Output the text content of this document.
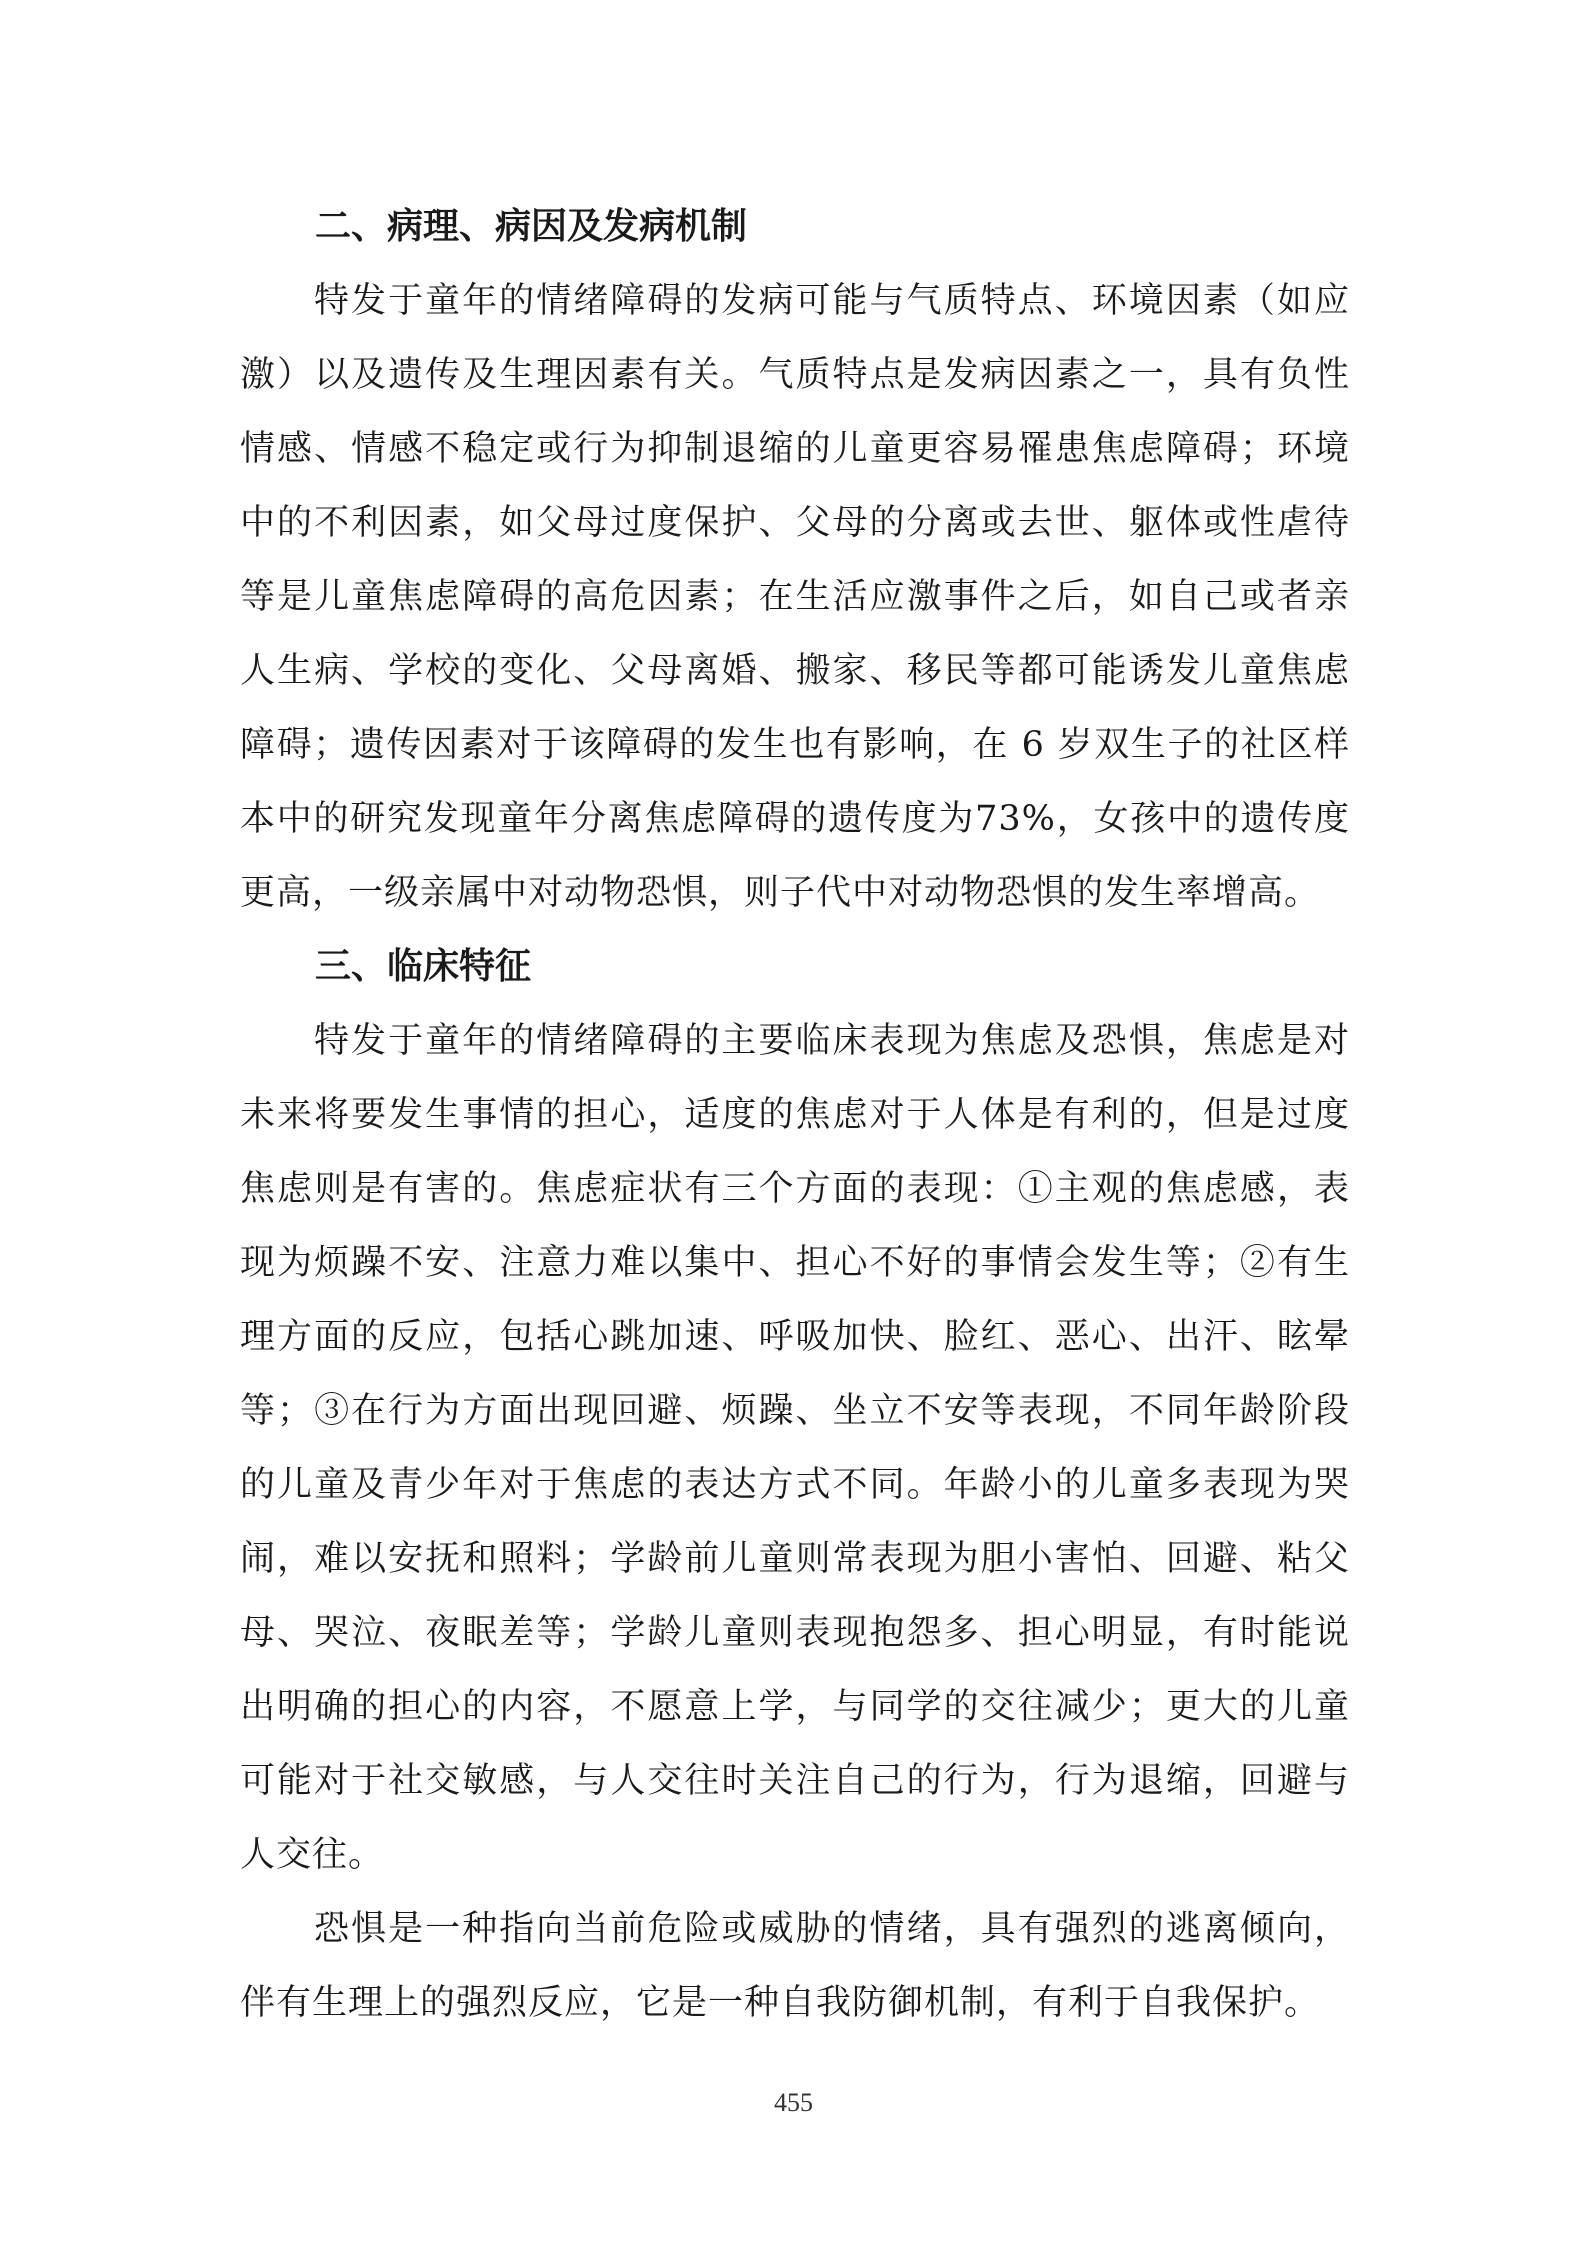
二、病理、病因及发病机制

特发于童年的情绪障碍的发病可能与气质特点、环境因素（如应激）以及遗传及生理因素有关。气质特点是发病因素之一，具有负性情感、情感不稳定或行为抑制退缩的儿童更容易罹患焦虑障碍；环境中的不利因素，如父母过度保护、父母的分离或去世、躯体或性虐待等是儿童焦虑障碍的高危因素；在生活应激事件之后，如自己或者亲人生病、学校的变化、父母离婚、搬家、移民等都可能诱发儿童焦虑障碍；遗传因素对于该障碍的发生也有影响，在 6 岁双生子的社区样本中的研究发现童年分离焦虑障碍的遗传度为73%，女孩中的遗传度更高，一级亲属中对动物恐惧，则子代中对动物恐惧的发生率增高。

三、临床特征

特发于童年的情绪障碍的主要临床表现为焦虑及恐惧，焦虑是对未来将要发生事情的担心，适度的焦虑对于人体是有利的，但是过度焦虑则是有害的。焦虑症状有三个方面的表现：①主观的焦虑感，表现为烦躁不安、注意力难以集中、担心不好的事情会发生等；②有生理方面的反应，包括心跳加速、呼吸加快、脸红、恶心、出汗、眩晕等；③在行为方面出现回避、烦躁、坐立不安等表现，不同年龄阶段的儿童及青少年对于焦虑的表达方式不同。年龄小的儿童多表现为哭闹，难以安抚和照料；学龄前儿童则常表现为胆小害怕、回避、粘父母、哭泣、夜眠差等；学龄儿童则表现抱怨多、担心明显，有时能说出明确的担心的内容，不愿意上学，与同学的交往减少；更大的儿童可能对于社交敏感，与人交往时关注自己的行为，行为退缩，回避与人交往。

恐惧是一种指向当前危险或威胁的情绪，具有强烈的逃离倾向，伴有生理上的强烈反应，它是一种自我防御机制，有利于自我保护。

455
